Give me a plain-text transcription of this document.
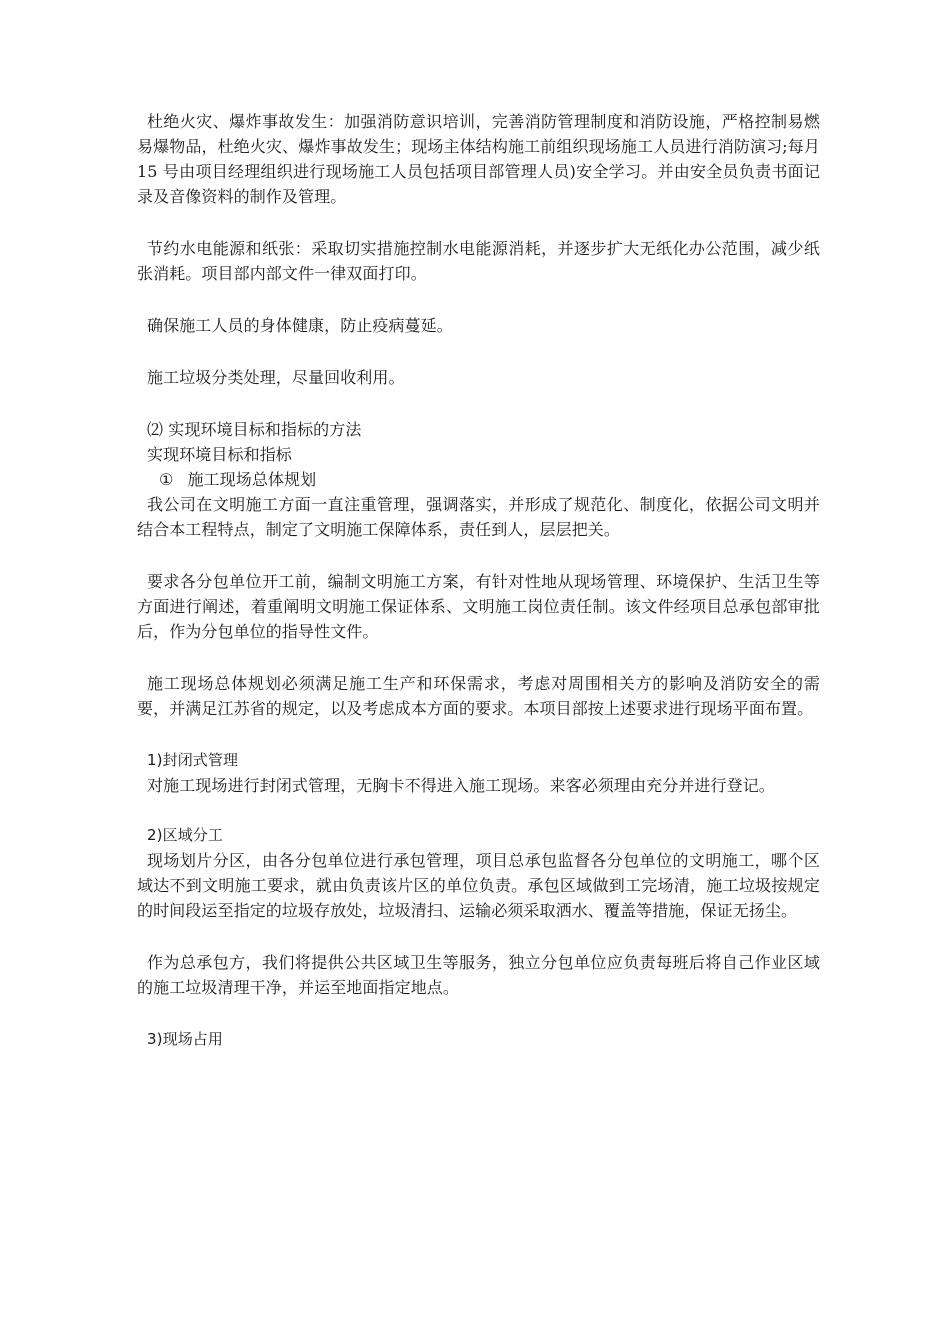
杜绝火灾、爆炸事故发生：加强消防意识培训，完善消防管理制度和消防设施，严格控制易燃易爆物品，杜绝火灾、爆炸事故发生；现场主体结构施工前组织现场施工人员进行消防演习;每月 15 号由项目经理组织进行现场施工人员包括项目部管理人员)安全学习。并由安全员负责书面记录及音像资料的制作及管理。

节约水电能源和纸张：采取切实措施控制水电能源消耗，并逐步扩大无纸化办公范围，减少纸张消耗。项目部内部文件一律双面打印。

确保施工人员的身体健康，防止疫病蔓延。

施工垃圾分类处理，尽量回收利用。

⑵ 实现环境目标和指标的方法

实现环境目标和指标

① 施工现场总体规划

我公司在文明施工方面一直注重管理，强调落实，并形成了规范化、制度化，依据公司文明并结合本工程特点，制定了文明施工保障体系，责任到人，层层把关。

要求各分包单位开工前，编制文明施工方案，有针对性地从现场管理、环境保护、生活卫生等方面进行阐述，着重阐明文明施工保证体系、文明施工岗位责任制。该文件经项目总承包部审批后，作为分包单位的指导性文件。

施工现场总体规划必须满足施工生产和环保需求，考虑对周围相关方的影响及消防安全的需要，并满足江苏省的规定，以及考虑成本方面的要求。本项目部按上述要求进行现场平面布置。

1)封闭式管理

对施工现场进行封闭式管理，无胸卡不得进入施工现场。来客必须理由充分并进行登记。

2)区域分工

现场划片分区，由各分包单位进行承包管理，项目总承包监督各分包单位的文明施工，哪个区域达不到文明施工要求，就由负责该片区的单位负责。承包区域做到工完场清，施工垃圾按规定的时间段运至指定的垃圾存放处，垃圾清扫、运输必须采取洒水、覆盖等措施，保证无扬尘。

作为总承包方，我们将提供公共区域卫生等服务，独立分包单位应负责每班后将自己作业区域的施工垃圾清理干净，并运至地面指定地点。

3)现场占用
